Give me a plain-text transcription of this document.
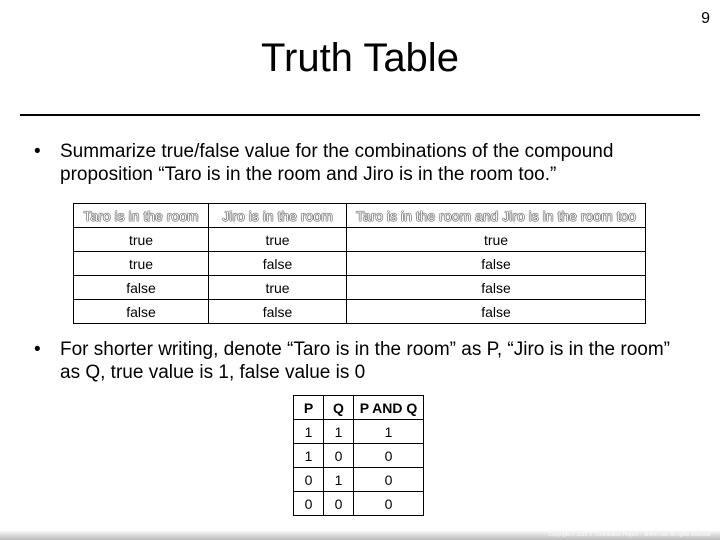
9
Truth Table
• Summarize true/false value for the combinations of the compound proposition “Taro is in the room and Jiro is in the room too.”
Taro is in the room	Jiro is in the room	Taro is in the room and Jiro is in the room too
true	true	true
true	false	false
false	true	false
false	false	false
• For shorter writing, denote “Taro is in the room” as P, “Jiro is in the room” as Q, true value is 1, false value is 0
P	Q	P AND Q
1	1	1
1	0	0
0	1	0
0	0	0
Copyright © 2010 IT Certification Project – Shimo Lab. All rights reserved
